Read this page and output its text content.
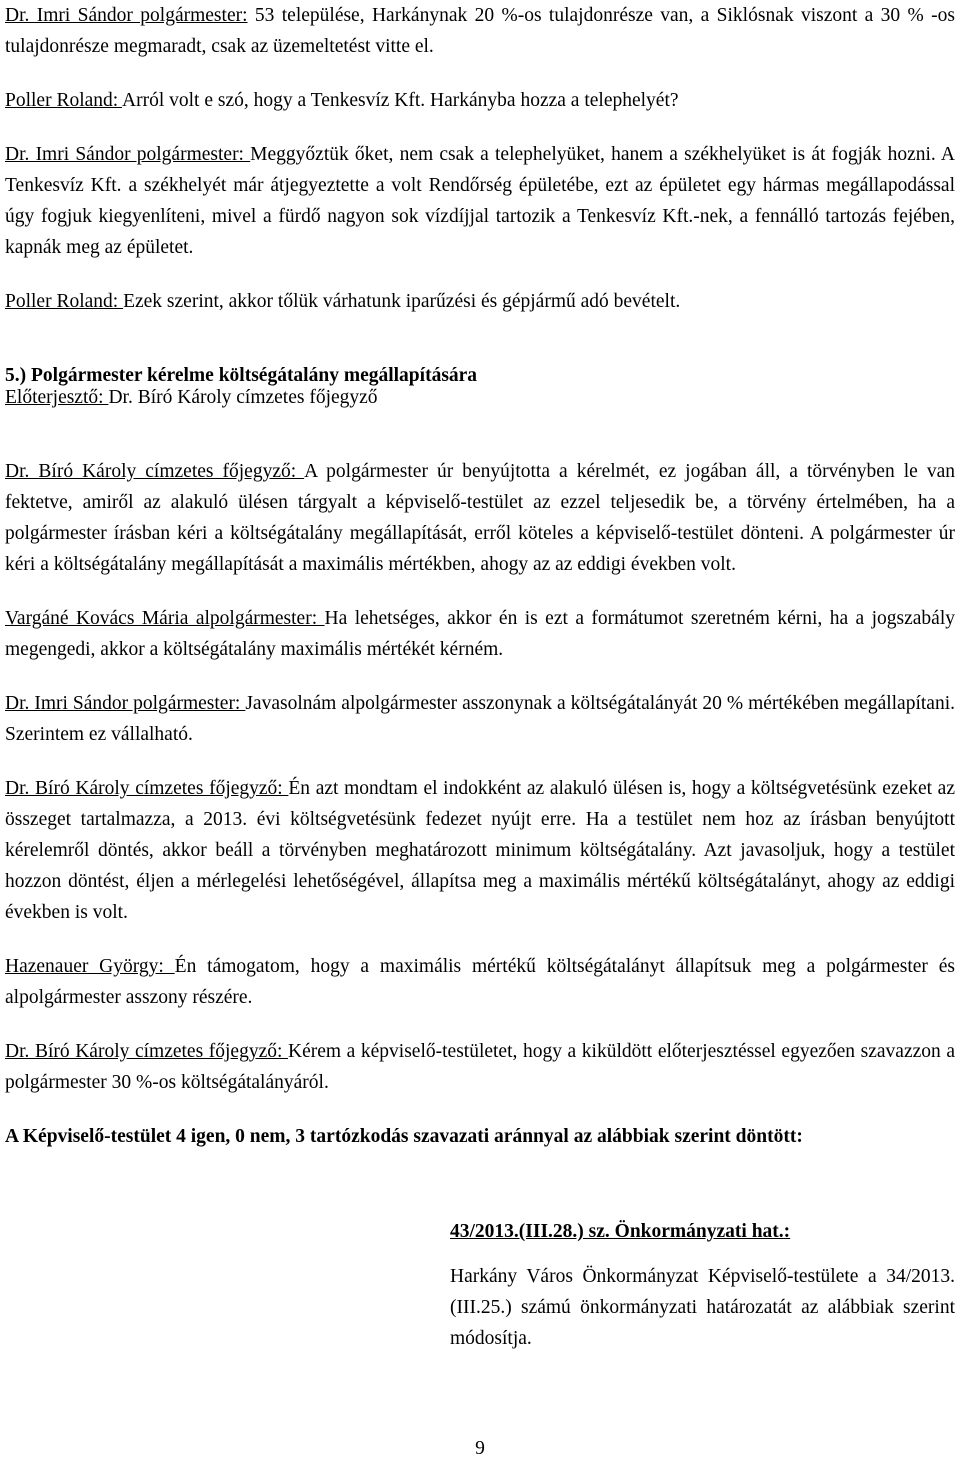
Dr. Imri Sándor polgármester: 53 települése, Harkánynak 20 %-os tulajdonrésze van, a Siklósnak viszont a 30 % -os tulajdonrésze megmaradt, csak az üzemeltetést vitte el.

Poller Roland: Arról volt e szó, hogy a Tenkesvíz Kft. Harkányba hozza a telephelyét?

Dr. Imri Sándor polgármester: Meggyőztük őket, nem csak a telephelyüket, hanem a székhelyüket is át fogják hozni. A Tenkesvíz Kft. a székhelyét már átjegyeztette a volt Rendőrség épületébe, ezt az épületet egy hármas megállapodással úgy fogjuk kiegyenlíteni, mivel a fürdő nagyon sok vízdíjjal tartozik a Tenkesvíz Kft.-nek, a fennálló tartozás fejében, kapnák meg az épületet.

Poller Roland: Ezek szerint, akkor tőlük várhatunk iparűzési és gépjármű adó bevételt.

5.) Polgármester kérelme költségátalány megállapítására

Előterjesztő: Dr. Bíró Károly címzetes főjegyző

Dr. Bíró Károly címzetes főjegyző: A polgármester úr benyújtotta a kérelmét, ez jogában áll, a törvényben le van fektetve, amiről az alakuló ülésen tárgyalt a képviselő-testület az ezzel teljesedik be, a törvény értelmében, ha a polgármester írásban kéri a költségátalány megállapítását, erről köteles a képviselő-testület dönteni. A polgármester úr kéri a költségátalány megállapítását a maximális mértékben, ahogy az az eddigi években volt.

Vargáné Kovács Mária alpolgármester: Ha lehetséges, akkor én is ezt a formátumot szeretném kérni, ha a jogszabály megengedi, akkor a költségátalány maximális mértékét kérném.

Dr. Imri Sándor polgármester: Javasolnám alpolgármester asszonynak a költségátalányát 20 % mértékében megállapítani. Szerintem ez vállalható.

Dr. Bíró Károly címzetes főjegyző: Én azt mondtam el indokként az alakuló ülésen is, hogy a költségvetésünk ezeket az összeget tartalmazza, a 2013. évi költségvetésünk fedezet nyújt erre. Ha a testület nem hoz az írásban benyújtott kérelemről döntés, akkor beáll a törvényben meghatározott minimum költségátalány. Azt javasoljuk, hogy a testület hozzon döntést, éljen a mérlegelési lehetőségével, állapítsa meg a maximális mértékű költségátalányt, ahogy az eddigi években is volt.

Hazenauer György: Én támogatom, hogy a maximális mértékű költségátalányt állapítsuk meg a polgármester és alpolgármester asszony részére.

Dr. Bíró Károly címzetes főjegyző: Kérem a képviselő-testületet, hogy a kiküldött előterjesztéssel egyezően szavazzon a polgármester 30 %-os költségátalányáról.

A Képviselő-testület 4 igen, 0 nem, 3 tartózkodás szavazati aránnyal az alábbiak szerint döntött:

43/2013.(III.28.) sz. Önkormányzati hat.:

Harkány Város Önkormányzat Képviselő-testülete a 34/2013.(III.25.) számú önkormányzati határozatát az alábbiak szerint módosítja.

9
